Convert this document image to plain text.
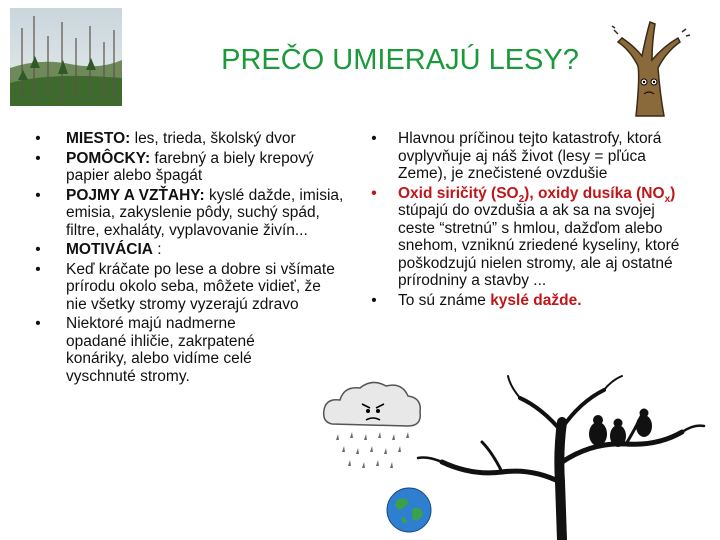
PREČO UMIERAJÚ LESY?
• MIESTO: les, trieda, školský dvor
• POMÔCKY: farebný a biely krepový papier alebo špagát
• POJMY A VZŤAHY: kyslé dažde, imisia, emisia, zakyslenie pôdy, suchý spád, filtre, exhaláty, vyplavovanie živín...
• MOTIVÁCIA :
• Keď kráčate po lese a dobre si všímate prírodu okolo seba, môžete vidieť, že nie všetky stromy vyzerajú zdravo
• Niektoré majú nadmerne opadané ihličie, zakrpatené konáriky, alebo vidíme celé vyschnuté stromy.
• Hlavnou príčinou tejto katastrofy, ktorá ovplyvňuje aj náš život (lesy = pľúca Zeme), je znečistené ovzdušie
• Oxid siričitý $(SO_2)$, oxidy dusíka $(NO_x)$ stúpajú do ovzdušia a ak sa na svojej ceste “stretnú” s hmlou, dažďom alebo snehom, vzniknú zriedené kyseliny, ktoré poškodzujú nielen stromy, ale aj ostatné prírodniny a stavby ...
• To sú známe kyslé dažde.
